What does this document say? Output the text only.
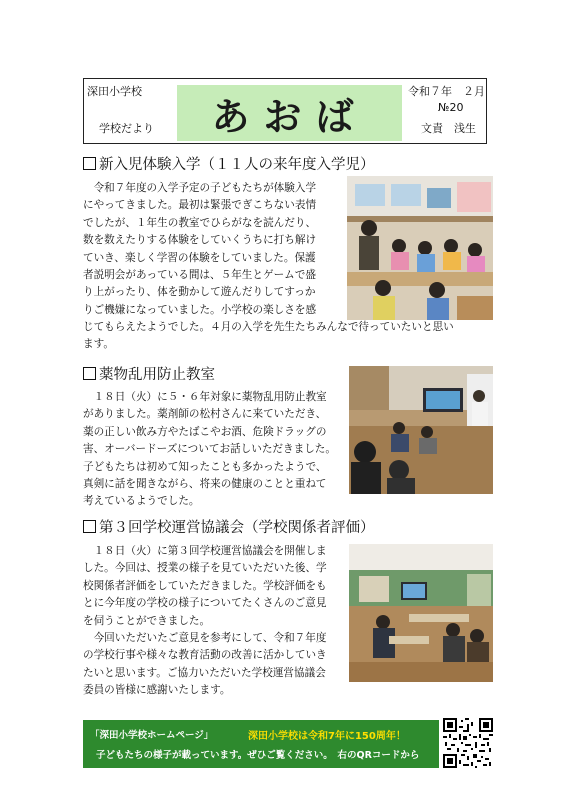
深田小学校
学校だより	あおば
令和７年　２月
№20
文責　浅生
新入児体験入学（１１人の来年度入学児）

令和７年度の入学予定の子どもたちが体験入学

にやってきました。最初は緊張でぎこちない表情
でしたが、１年生の教室でひらがなを読んだり、
数を数えたりする体験をしていくうちに打ち解け
ていき、楽しく学習の体験をしていました。保護
者説明会があっている間は、５年生とゲームで盛
り上がったり、体を動かして遊んだりしてすっか
りご機嫌になっていました。小学校の楽しさを感
じてもらえたようでした。４月の入学を先生たちみんなで待っていたいと思い
ます。
薬物乱用防止教室

１８日（火）に５・６年対象に薬物乱用防止教室

がありました。薬剤師の松村さんに来ていただき、
薬の正しい飲み方やたばこやお酒、危険ドラッグの
害、オーバードーズについてお話しいただきました。
子どもたちは初めて知ったことも多かったようで、
真剣に話を聞きながら、将来の健康のことと重ねて
考えているようでした。
第３回学校運営協議会（学校関係者評価）

１８日（火）に第３回学校運営協議会を開催しま

した。今回は、授業の様子を見ていただいた後、学
校関係者評価をしていただきました。学校評価をも
とに今年度の学校の様子についてたくさんのご意見
を伺うことができました。

今回いただいたご意見を参考にして、令和７年度

の学校行事や様々な教育活動の改善に活かしていき
たいと思います。ご協力いただいた学校運営協議会
委員の皆様に感謝いたします。
「深田小学校ホームページ」	深田小学校は令和7年に150周年！
子どもたちの様子が載っています。ぜひご覧ください。　右のQRコードから
